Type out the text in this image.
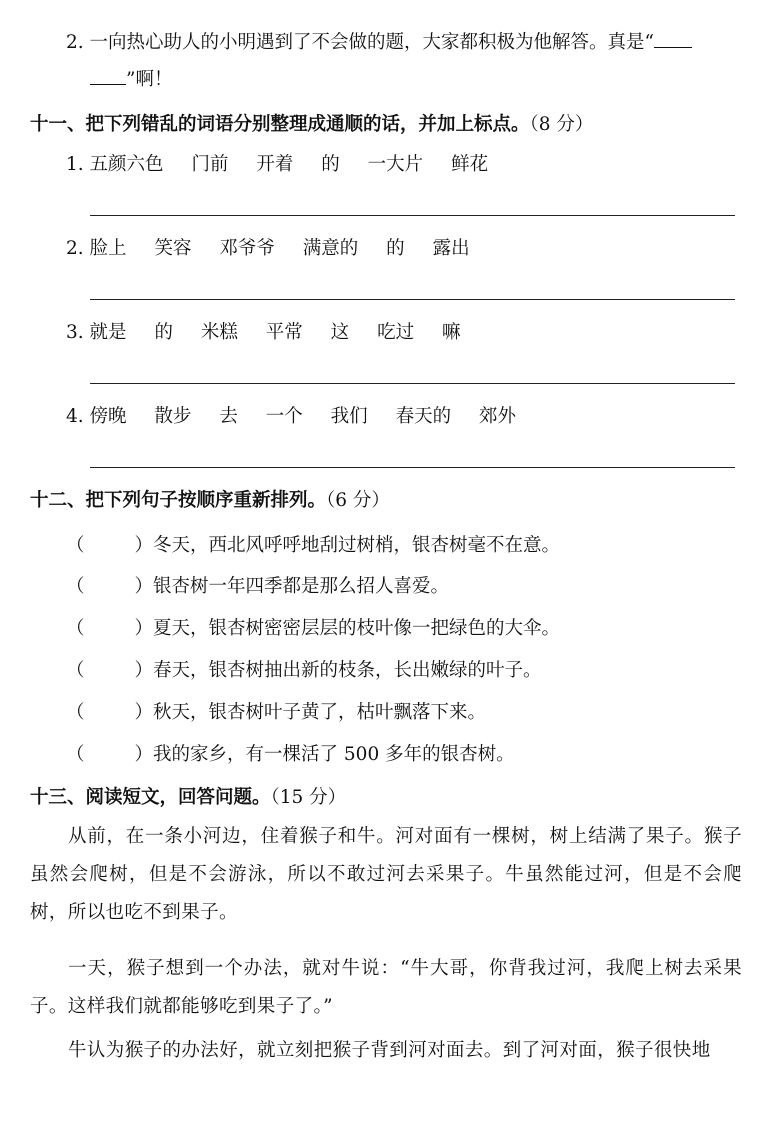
2. 一向热心助人的小明遇到了不会做的题，大家都积极为他解答。真是“
”啊！
十一、把下列错乱的词语分别整理成通顺的话，并加上标点。（8 分）
1. 五颜六色 门前 开着 的 一大片 鲜花
2. 脸上 笑容 邓爷爷 满意的 的 露出
3. 就是 的 米糕 平常 这 吃过 嘛
4. 傍晚 散步 去 一个 我们 春天的 郊外
十二、把下列句子按顺序重新排列。（6 分）
（	）冬天，西北风呼呼地刮过树梢，银杏树毫不在意。
（	）银杏树一年四季都是那么招人喜爱。
（	）夏天，银杏树密密层层的枝叶像一把绿色的大伞。
（	）春天，银杏树抽出新的枝条，长出嫩绿的叶子。
（	）秋天，银杏树叶子黄了，枯叶飘落下来。
（	）我的家乡，有一棵活了 500 多年的银杏树。
十三、阅读短文，回答问题。（15 分）
从前，在一条小河边，住着猴子和牛。河对面有一棵树，树上结满了果子。猴子虽然会爬树，但是不会游泳，所以不敢过河去采果子。牛虽然能过河，但是不会爬树，所以也吃不到果子。
一天，猴子想到一个办法，就对牛说：“牛大哥，你背我过河，我爬上树去采果子。这样我们就都能够吃到果子了。”
牛认为猴子的办法好，就立刻把猴子背到河对面去。到了河对面，猴子很快地
